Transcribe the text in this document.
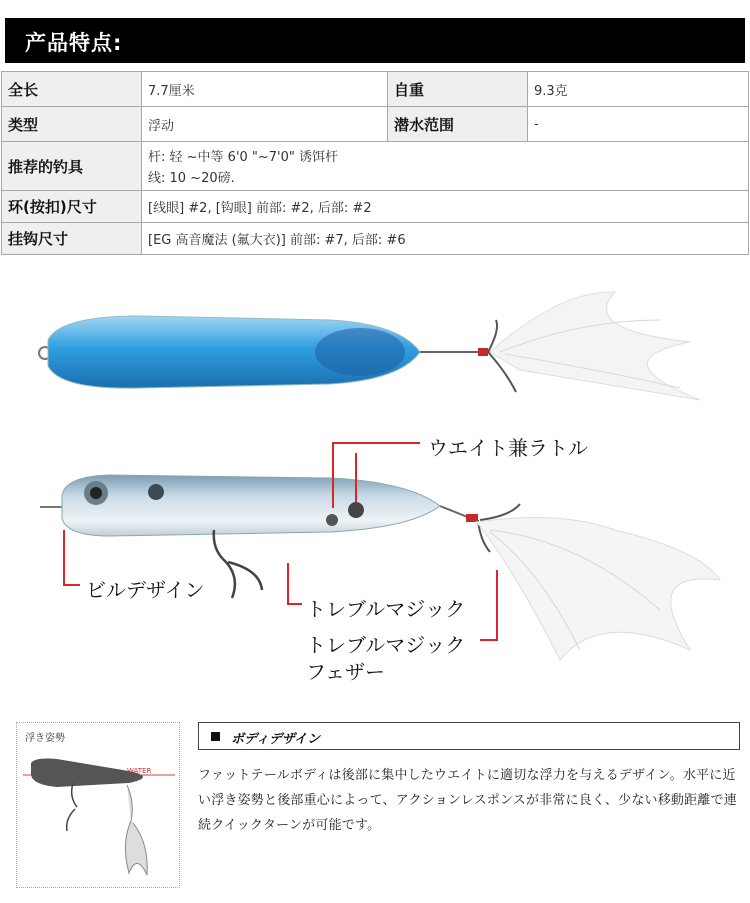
产品特点:
全长	7.7厘米	自重	9.3克
类型	浮动	潜水范围	-
推荐的钓具	杆: 轻 ~中等 6'0 "~7'0" 诱饵杆
线: 10 ~20磅.		

环(按扣)尺寸	[线眼] #2, [钩眼] 前部: #2, 后部: #2		
挂钩尺寸	[EG 高音魔法 (氟大衣)] 前部: #7, 后部: #6		
ウエイト兼ラトル
ビルデザイン
トレブルマジック
トレブルマジック
フェザー
浮き姿勢
WATER
ボディデザイン
ファットテールボディは後部に集中したウエイトに適切な浮力を与えるデザイン。水平に近い浮き姿勢と後部重心によって、アクションレスポンスが非常に良く、少ない移動距離で連続クイックターンが可能です。
